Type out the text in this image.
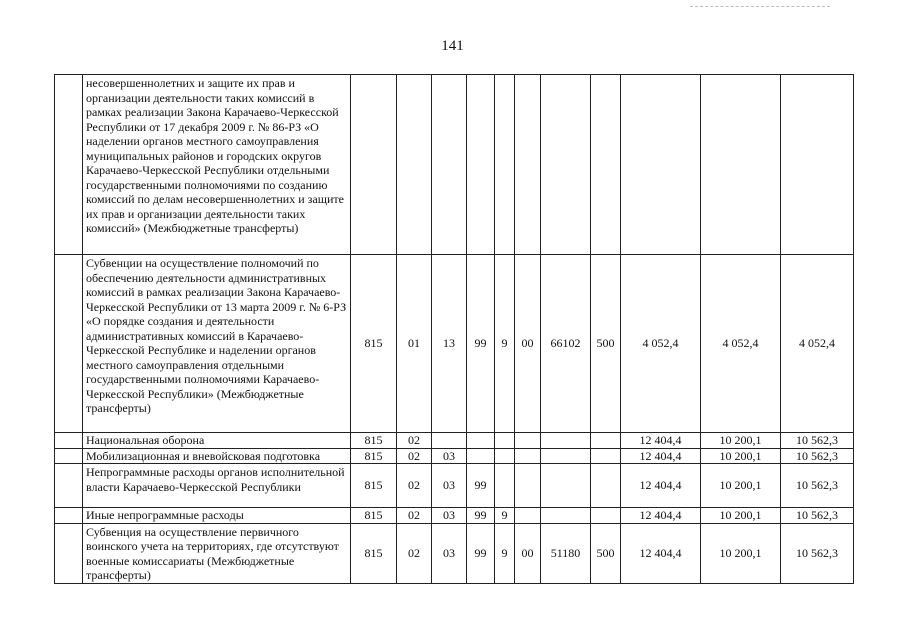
141
	несовершеннолетних и защите их прав и организации деятельности таких комиссий в рамках реализации Закона Карачаево-Черкесской Республики от 17 декабря 2009 г. № 86-РЗ «О наделении органов местного самоуправления муниципальных районов и городских округов Карачаево-Черкесской Республики отдельными государственными полномочиями по созданию комиссий по делам несовершеннолетних и защите их прав и организации деятельности таких комиссий» (Межбюджетные трансферты)											
	Субвенции на осуществление полномочий по обеспечению деятельности административных комиссий в рамках реализации Закона Карачаево-Черкесской Республики от 13 марта 2009 г. № 6-РЗ «О порядке создания и деятельности административных комиссий в Карачаево-Черкесской Республике и наделении органов местного самоуправления отдельными государственными полномочиями Карачаево-Черкесской Республики» (Межбюджетные трансферты)	815	01	13	99	9	00	66102	500	4 052,4	4 052,4	4 052,4
	Национальная оборона	815	02							12 404,4	10 200,1	10 562,3
	Мобилизационная и вневойсковая подготовка	815	02	03						12 404,4	10 200,1	10 562,3
	Непрограммные расходы органов исполнительной власти Карачаево-Черкесской Республики	815	02	03	99					12 404,4	10 200,1	10 562,3
	Иные непрограммные расходы	815	02	03	99	9				12 404,4	10 200,1	10 562,3
	Субвенция на осуществление первичного воинского учета на территориях, где отсутствуют военные комиссариаты (Межбюджетные трансферты)	815	02	03	99	9	00	51180	500	12 404,4	10 200,1	10 562,3
